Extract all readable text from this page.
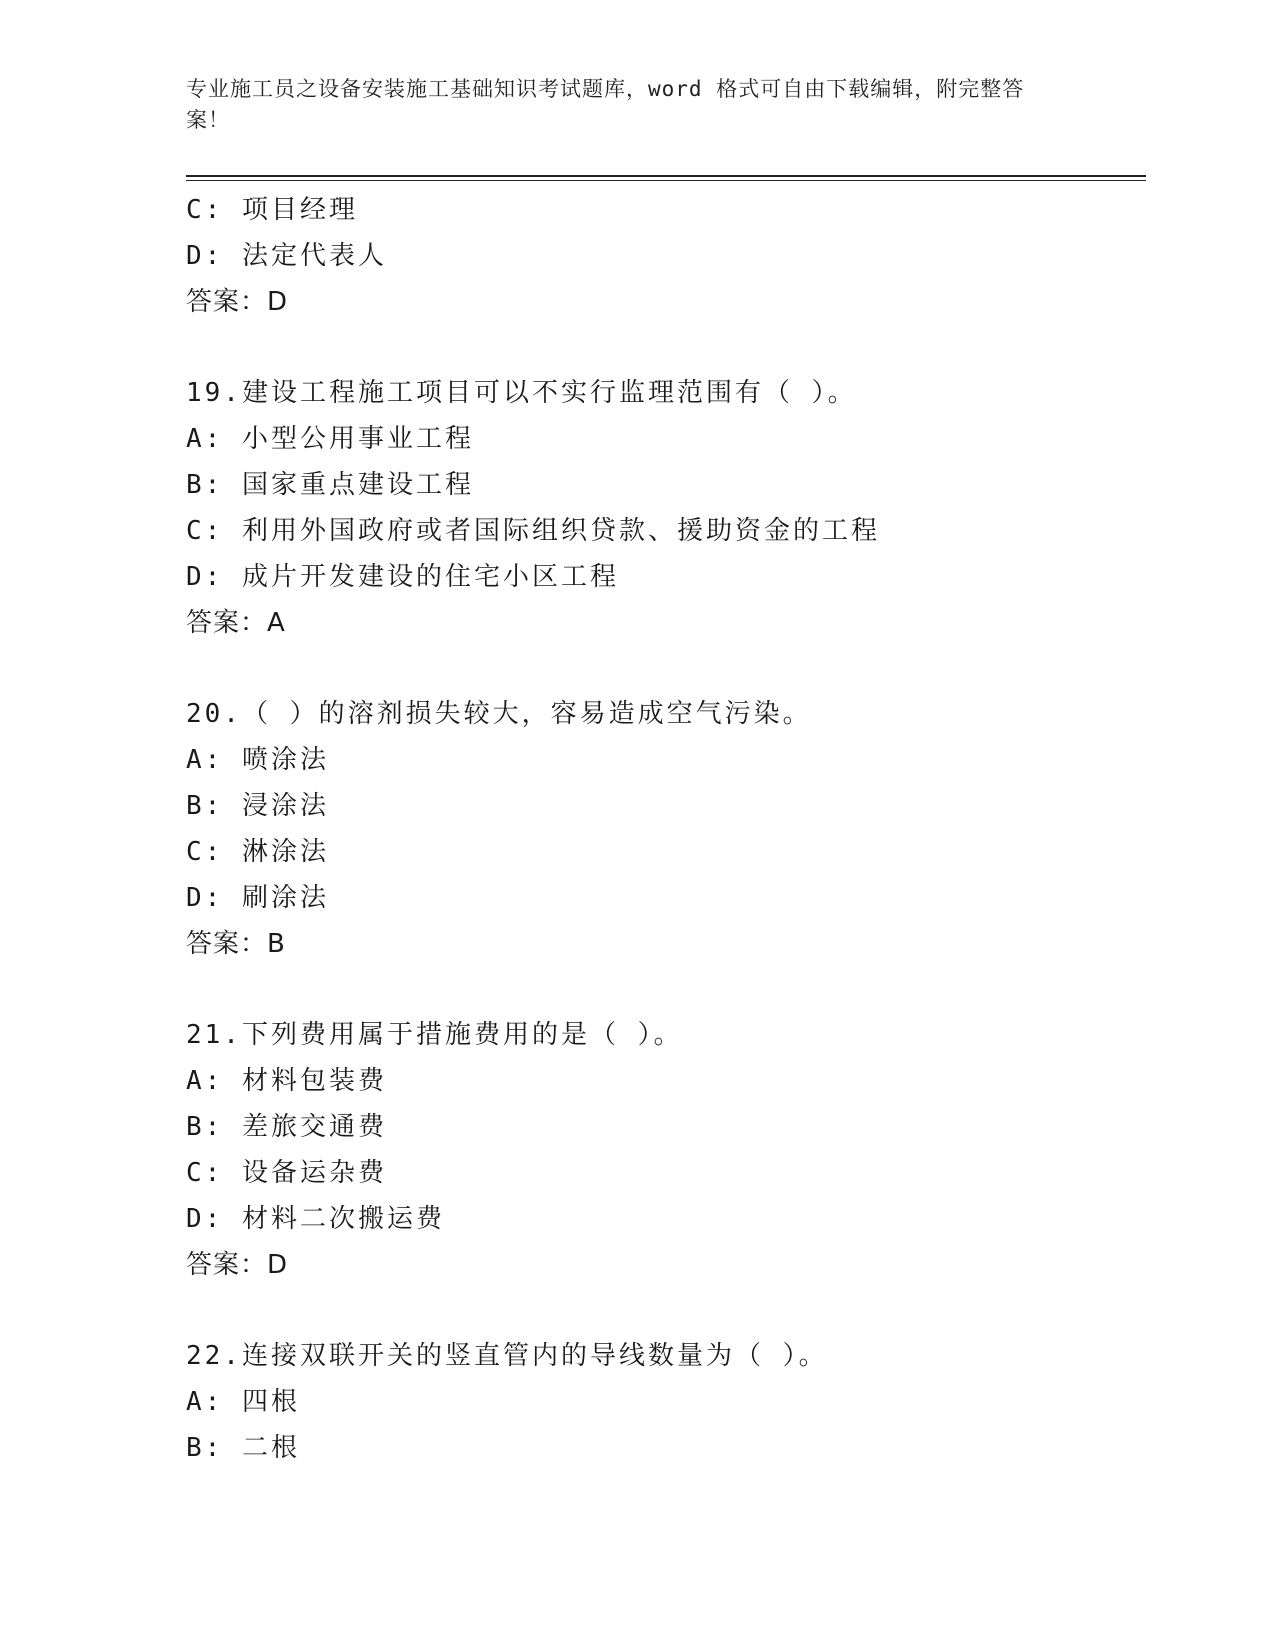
专业施工员之设备安装施工基础知识考试题库，word 格式可自由下载编辑，附完整答案！
C: 项目经理
D: 法定代表人
答案：D
19.建设工程施工项目可以不实行监理范围有（ ）。
A: 小型公用事业工程
B: 国家重点建设工程
C: 利用外国政府或者国际组织贷款、援助资金的工程
D: 成片开发建设的住宅小区工程
答案：A
20.（ ）的溶剂损失较大，容易造成空气污染。
A: 喷涂法
B: 浸涂法
C: 淋涂法
D: 刷涂法
答案：B
21.下列费用属于措施费用的是（ ）。
A: 材料包装费
B: 差旅交通费
C: 设备运杂费
D: 材料二次搬运费
答案：D
22.连接双联开关的竖直管内的导线数量为（ ）。
A: 四根
B: 二根
